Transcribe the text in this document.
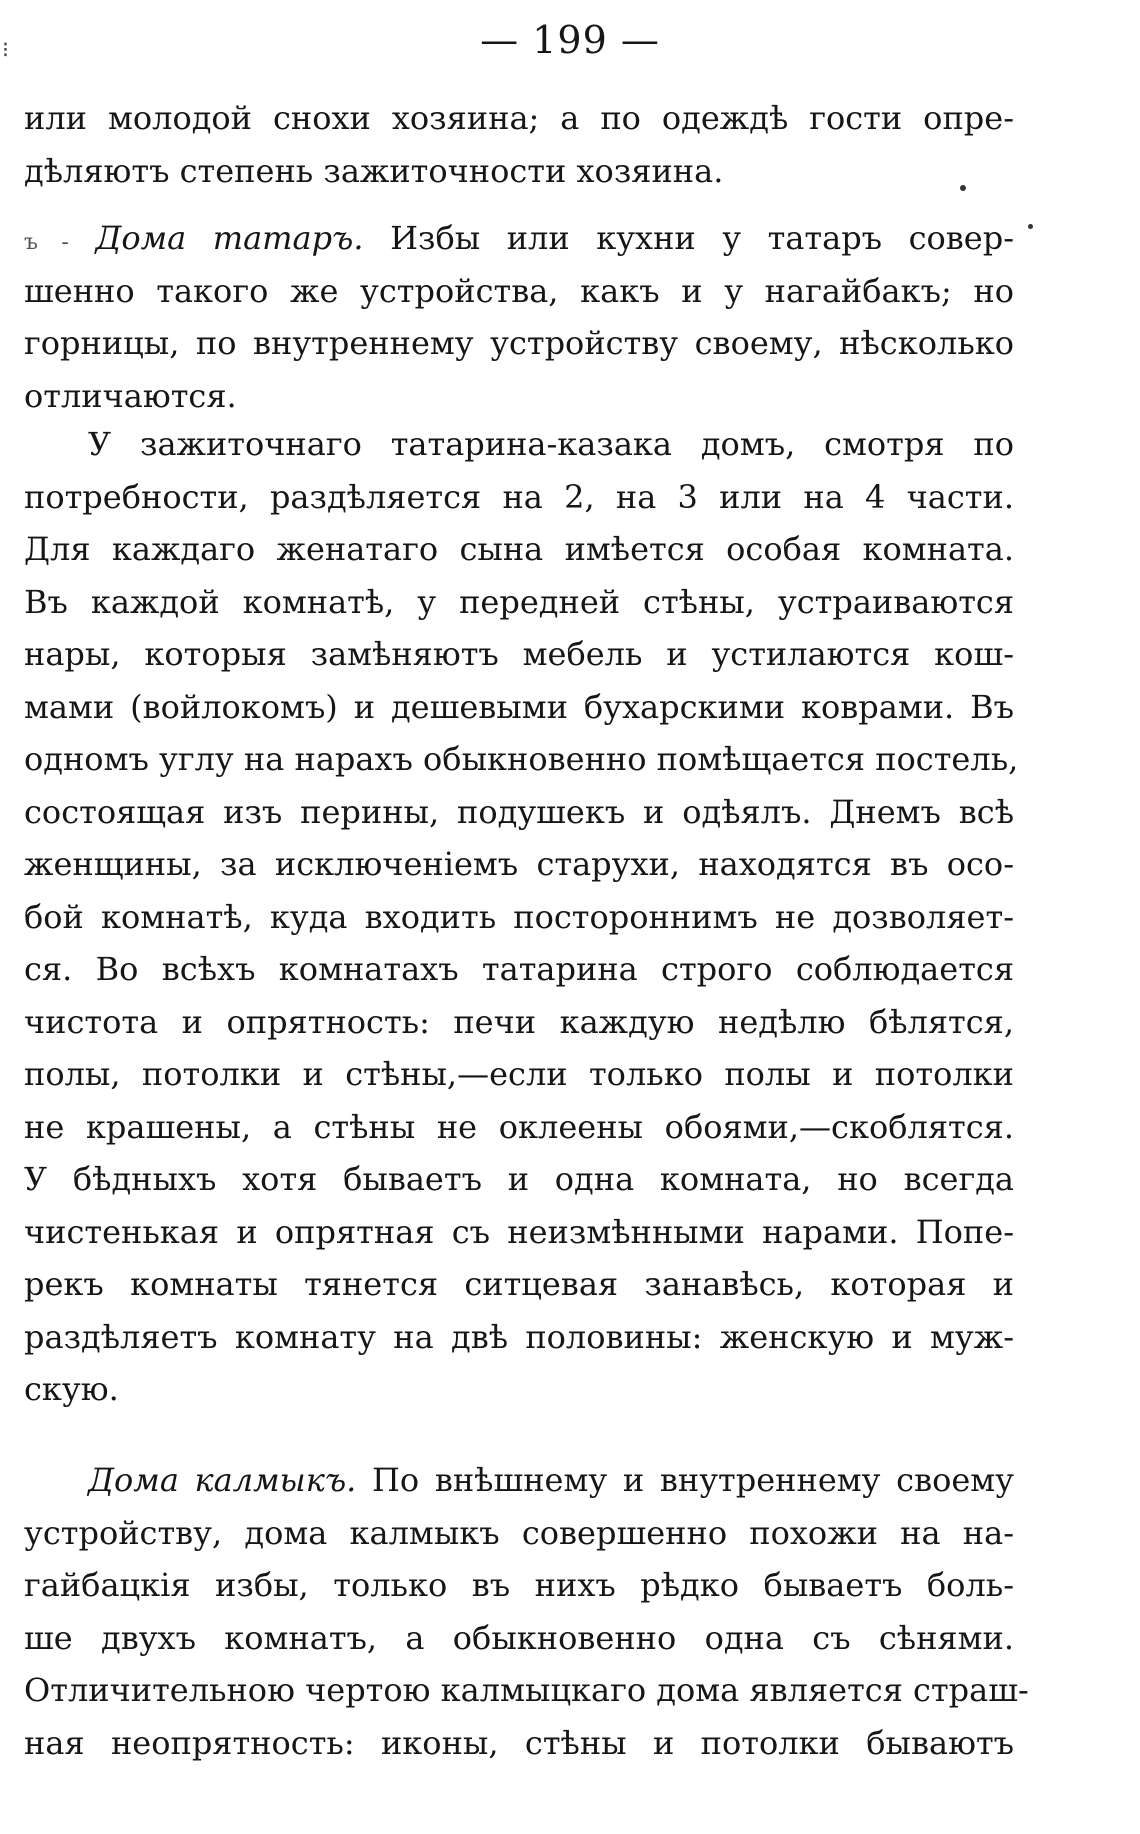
⁝	— 199 —
или молодой снохи хозяина; а по одеждѣ гости опре-
дѣляютъ степень зажиточности хозяина.
ъ - Дома татаръ. Избы или кухни у татаръ совер-
шенно такого же устройства, какъ и у нагайбакъ; но
горницы, по внутреннему устройству своему, нѣсколько
отличаются.
У зажиточнаго татарина-казака домъ, смотря по
потребности, раздѣляется на 2, на 3 или на 4 части.
Для каждаго женатаго сына имѣется особая комната.
Въ каждой комнатѣ, у передней стѣны, устраиваются
нары, которыя замѣняютъ мебель и устилаются кош-
мами (войлокомъ) и дешевыми бухарскими коврами. Въ
одномъ углу на нарахъ обыкновенно помѣщается постель,
состоящая изъ перины, подушекъ и одѣялъ. Днемъ всѣ
женщины, за исключеніемъ старухи, находятся въ осо-
бой комнатѣ, куда входить постороннимъ не дозволяет-
ся. Во всѣхъ комнатахъ татарина строго соблюдается
чистота и опрятность: печи каждую недѣлю бѣлятся,
полы, потолки и стѣны,—если только полы и потолки
не крашены, а стѣны не оклеены обоями,—скоблятся.
У бѣдныхъ хотя бываетъ и одна комната, но всегда
чистенькая и опрятная съ неизмѣнными нарами. Попе-
рекъ комнаты тянется ситцевая занавѣсь, которая и
раздѣляетъ комнату на двѣ половины: женскую и муж-
скую.
Дома калмыкъ. По внѣшнему и внутреннему своему
устройству, дома калмыкъ совершенно похожи на на-
гайбацкія избы, только въ нихъ рѣдко бываетъ боль-
ше двухъ комнатъ, а обыкновенно одна съ сѣнями.
Отличительною чертою калмыцкаго дома является страш-
ная неопрятность: иконы, стѣны и потолки бываютъ
